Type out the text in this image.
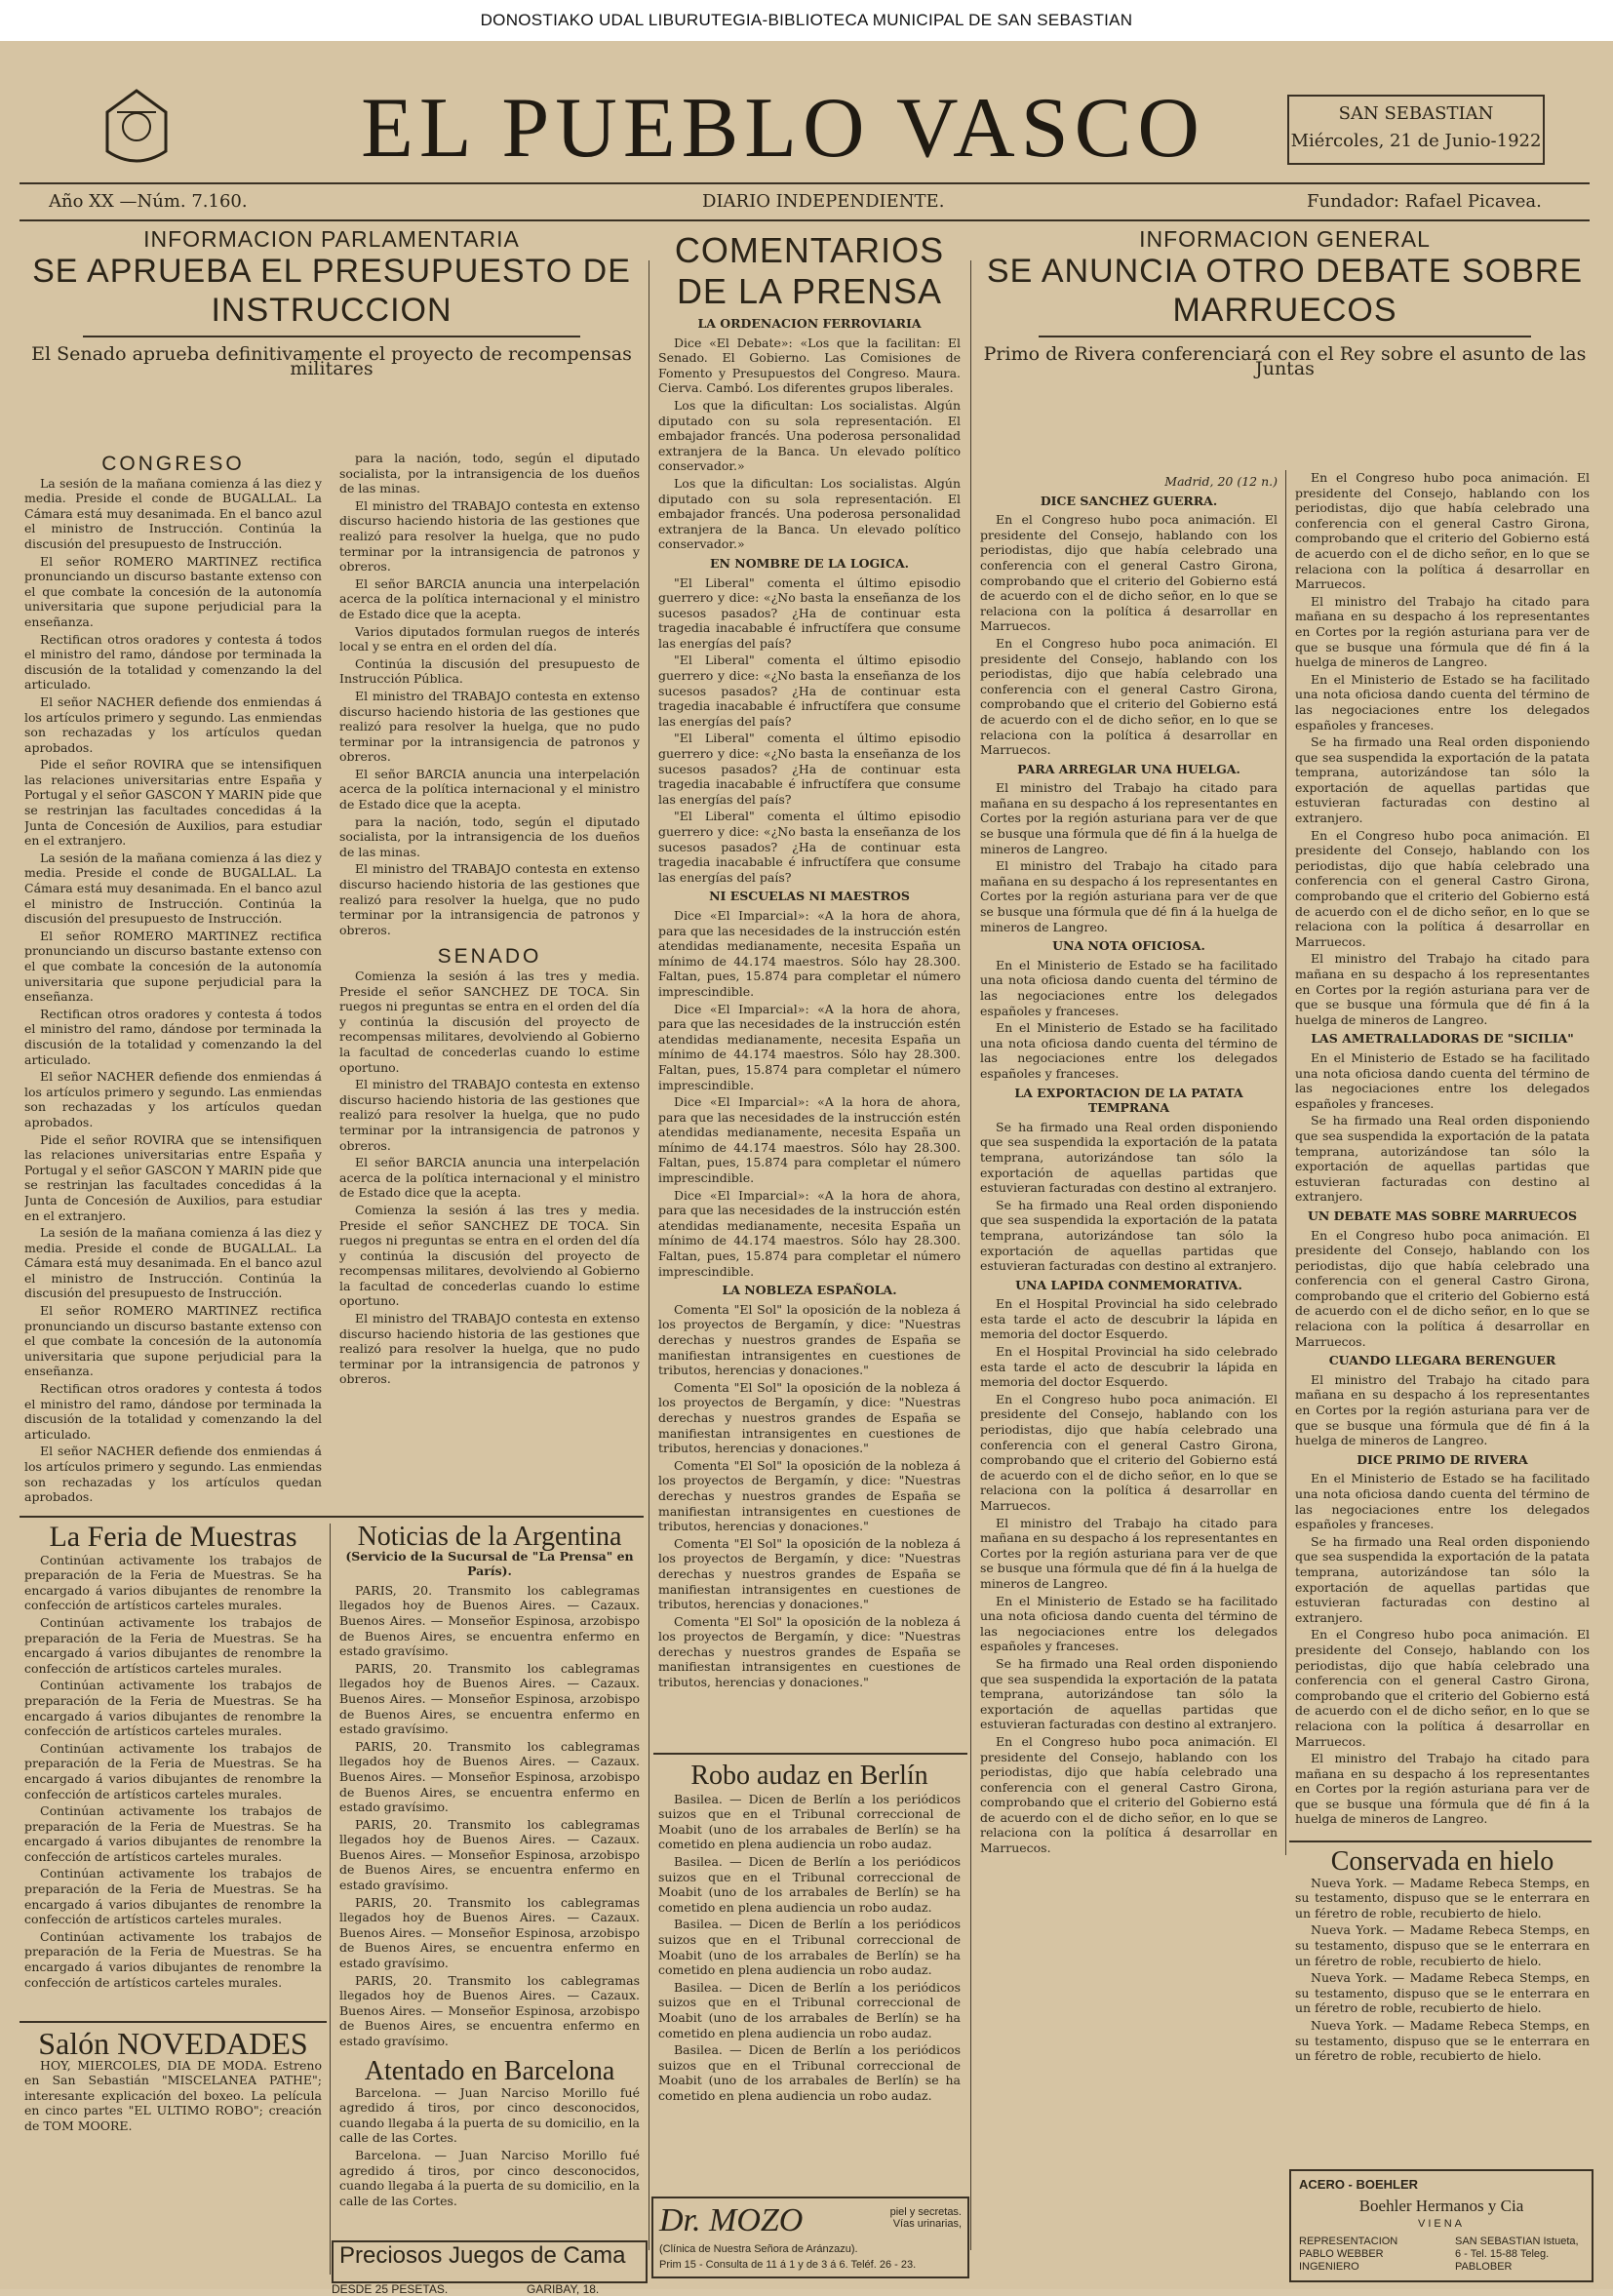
DONOSTIAKO UDAL LIBURUTEGIA-BIBLIOTECA MUNICIPAL DE SAN SEBASTIAN
EL PUEBLO VASCO	SAN SEBASTIAN
Miércoles, 21 de Junio-1922
Año XX —Núm. 7.160.	DIARIO INDEPENDIENTE.	Fundador: Rafael Picavea.
INFORMACION PARLAMENTARIA
SE APRUEBA EL PRESUPUESTO DE INSTRUCCION
El Senado aprueba definitivamente el proyecto de recompensas militares
CONGRESO

La sesión de la mañana comienza á las diez y media. Preside el conde de BUGALLAL. La Cámara está muy desanimada. En el banco azul el ministro de Instrucción. Continúa la discusión del presupuesto de Instrucción.

El señor ROMERO MARTINEZ rectifica pronunciando un discurso bastante extenso con el que combate la concesión de la autonomía universitaria que supone perjudicial para la enseñanza.

Rectifican otros oradores y contesta á todos el ministro del ramo, dándose por terminada la discusión de la totalidad y comenzando la del articulado.

El señor NACHER defiende dos enmiendas á los artículos primero y segundo. Las enmiendas son rechazadas y los artículos quedan aprobados.

Pide el señor ROVIRA que se intensifiquen las relaciones universitarias entre España y Portugal y el señor GASCON Y MARIN pide que se restrinjan las facultades concedidas á la Junta de Concesión de Auxilios, para estudiar en el extranjero.

La sesión de la mañana comienza á las diez y media. Preside el conde de BUGALLAL. La Cámara está muy desanimada. En el banco azul el ministro de Instrucción. Continúa la discusión del presupuesto de Instrucción.

El señor ROMERO MARTINEZ rectifica pronunciando un discurso bastante extenso con el que combate la concesión de la autonomía universitaria que supone perjudicial para la enseñanza.

Rectifican otros oradores y contesta á todos el ministro del ramo, dándose por terminada la discusión de la totalidad y comenzando la del articulado.

El señor NACHER defiende dos enmiendas á los artículos primero y segundo. Las enmiendas son rechazadas y los artículos quedan aprobados.

Pide el señor ROVIRA que se intensifiquen las relaciones universitarias entre España y Portugal y el señor GASCON Y MARIN pide que se restrinjan las facultades concedidas á la Junta de Concesión de Auxilios, para estudiar en el extranjero.

La sesión de la mañana comienza á las diez y media. Preside el conde de BUGALLAL. La Cámara está muy desanimada. En el banco azul el ministro de Instrucción. Continúa la discusión del presupuesto de Instrucción.

El señor ROMERO MARTINEZ rectifica pronunciando un discurso bastante extenso con el que combate la concesión de la autonomía universitaria que supone perjudicial para la enseñanza.

Rectifican otros oradores y contesta á todos el ministro del ramo, dándose por terminada la discusión de la totalidad y comenzando la del articulado.

El señor NACHER defiende dos enmiendas á los artículos primero y segundo. Las enmiendas son rechazadas y los artículos quedan aprobados.

para la nación, todo, según el diputado socialista, por la intransigencia de los dueños de las minas.

El ministro del TRABAJO contesta en extenso discurso haciendo historia de las gestiones que realizó para resolver la huelga, que no pudo terminar por la intransigencia de patronos y obreros.

El señor BARCIA anuncia una interpelación acerca de la política internacional y el ministro de Estado dice que la acepta.

Varios diputados formulan ruegos de interés local y se entra en el orden del día.

Continúa la discusión del presupuesto de Instrucción Pública.

El ministro del TRABAJO contesta en extenso discurso haciendo historia de las gestiones que realizó para resolver la huelga, que no pudo terminar por la intransigencia de patronos y obreros.

El señor BARCIA anuncia una interpelación acerca de la política internacional y el ministro de Estado dice que la acepta.

para la nación, todo, según el diputado socialista, por la intransigencia de los dueños de las minas.

El ministro del TRABAJO contesta en extenso discurso haciendo historia de las gestiones que realizó para resolver la huelga, que no pudo terminar por la intransigencia de patronos y obreros.

SENADO

Comienza la sesión á las tres y media. Preside el señor SANCHEZ DE TOCA. Sin ruegos ni preguntas se entra en el orden del día y continúa la discusión del proyecto de recompensas militares, devolviendo al Gobierno la facultad de concederlas cuando lo estime oportuno.

El ministro del TRABAJO contesta en extenso discurso haciendo historia de las gestiones que realizó para resolver la huelga, que no pudo terminar por la intransigencia de patronos y obreros.

El señor BARCIA anuncia una interpelación acerca de la política internacional y el ministro de Estado dice que la acepta.

Comienza la sesión á las tres y media. Preside el señor SANCHEZ DE TOCA. Sin ruegos ni preguntas se entra en el orden del día y continúa la discusión del proyecto de recompensas militares, devolviendo al Gobierno la facultad de concederlas cuando lo estime oportuno.

El ministro del TRABAJO contesta en extenso discurso haciendo historia de las gestiones que realizó para resolver la huelga, que no pudo terminar por la intransigencia de patronos y obreros.

La Feria de Muestras

Continúan activamente los trabajos de preparación de la Feria de Muestras. Se ha encargado á varios dibujantes de renombre la confección de artísticos carteles murales.

Continúan activamente los trabajos de preparación de la Feria de Muestras. Se ha encargado á varios dibujantes de renombre la confección de artísticos carteles murales.

Continúan activamente los trabajos de preparación de la Feria de Muestras. Se ha encargado á varios dibujantes de renombre la confección de artísticos carteles murales.

Continúan activamente los trabajos de preparación de la Feria de Muestras. Se ha encargado á varios dibujantes de renombre la confección de artísticos carteles murales.

Continúan activamente los trabajos de preparación de la Feria de Muestras. Se ha encargado á varios dibujantes de renombre la confección de artísticos carteles murales.

Continúan activamente los trabajos de preparación de la Feria de Muestras. Se ha encargado á varios dibujantes de renombre la confección de artísticos carteles murales.

Continúan activamente los trabajos de preparación de la Feria de Muestras. Se ha encargado á varios dibujantes de renombre la confección de artísticos carteles murales.

Salón NOVEDADES

HOY, MIERCOLES, DIA DE MODA. Estreno en San Sebastián "MISCELANEA PATHE"; interesante explicación del boxeo. La película en cinco partes "EL ULTIMO ROBO"; creación de TOM MOORE.

Noticias de la Argentina
(Servicio de la Sucursal de "La Prensa" en París).

PARIS, 20. Transmito los cablegramas llegados hoy de Buenos Aires. — Cazaux. Buenos Aires. — Monseñor Espinosa, arzobispo de Buenos Aires, se encuentra enfermo en estado gravísimo.

PARIS, 20. Transmito los cablegramas llegados hoy de Buenos Aires. — Cazaux. Buenos Aires. — Monseñor Espinosa, arzobispo de Buenos Aires, se encuentra enfermo en estado gravísimo.

PARIS, 20. Transmito los cablegramas llegados hoy de Buenos Aires. — Cazaux. Buenos Aires. — Monseñor Espinosa, arzobispo de Buenos Aires, se encuentra enfermo en estado gravísimo.

PARIS, 20. Transmito los cablegramas llegados hoy de Buenos Aires. — Cazaux. Buenos Aires. — Monseñor Espinosa, arzobispo de Buenos Aires, se encuentra enfermo en estado gravísimo.

PARIS, 20. Transmito los cablegramas llegados hoy de Buenos Aires. — Cazaux. Buenos Aires. — Monseñor Espinosa, arzobispo de Buenos Aires, se encuentra enfermo en estado gravísimo.

PARIS, 20. Transmito los cablegramas llegados hoy de Buenos Aires. — Cazaux. Buenos Aires. — Monseñor Espinosa, arzobispo de Buenos Aires, se encuentra enfermo en estado gravísimo.

Atentado en Barcelona

Barcelona. — Juan Narciso Morillo fué agredido á tiros, por cinco desconocidos, cuando llegaba á la puerta de su domicilio, en la calle de las Cortes.

Barcelona. — Juan Narciso Morillo fué agredido á tiros, por cinco desconocidos, cuando llegaba á la puerta de su domicilio, en la calle de las Cortes.

Preciosos Juegos de Cama
DESDE 25 PESETAS.	GARIBAY, 18.
COMENTARIOS DE LA PRENSA
LA ORDENACION FERROVIARIA

Dice «El Debate»: «Los que la facilitan: El Senado. El Gobierno. Las Comisiones de Fomento y Presupuestos del Congreso. Maura. Cierva. Cambó. Los diferentes grupos liberales.

Los que la dificultan: Los socialistas. Algún diputado con su sola representación. El embajador francés. Una poderosa personalidad extranjera de la Banca. Un elevado político conservador.»

Los que la dificultan: Los socialistas. Algún diputado con su sola representación. El embajador francés. Una poderosa personalidad extranjera de la Banca. Un elevado político conservador.»

EN NOMBRE DE LA LOGICA.

"El Liberal" comenta el último episodio guerrero y dice: «¿No basta la enseñanza de los sucesos pasados? ¿Ha de continuar esta tragedia inacabable é infructífera que consume las energías del país?

"El Liberal" comenta el último episodio guerrero y dice: «¿No basta la enseñanza de los sucesos pasados? ¿Ha de continuar esta tragedia inacabable é infructífera que consume las energías del país?

"El Liberal" comenta el último episodio guerrero y dice: «¿No basta la enseñanza de los sucesos pasados? ¿Ha de continuar esta tragedia inacabable é infructífera que consume las energías del país?

"El Liberal" comenta el último episodio guerrero y dice: «¿No basta la enseñanza de los sucesos pasados? ¿Ha de continuar esta tragedia inacabable é infructífera que consume las energías del país?

NI ESCUELAS NI MAESTROS

Dice «El Imparcial»: «A la hora de ahora, para que las necesidades de la instrucción estén atendidas medianamente, necesita España un mínimo de 44.174 maestros. Sólo hay 28.300. Faltan, pues, 15.874 para completar el número imprescindible.

Dice «El Imparcial»: «A la hora de ahora, para que las necesidades de la instrucción estén atendidas medianamente, necesita España un mínimo de 44.174 maestros. Sólo hay 28.300. Faltan, pues, 15.874 para completar el número imprescindible.

Dice «El Imparcial»: «A la hora de ahora, para que las necesidades de la instrucción estén atendidas medianamente, necesita España un mínimo de 44.174 maestros. Sólo hay 28.300. Faltan, pues, 15.874 para completar el número imprescindible.

Dice «El Imparcial»: «A la hora de ahora, para que las necesidades de la instrucción estén atendidas medianamente, necesita España un mínimo de 44.174 maestros. Sólo hay 28.300. Faltan, pues, 15.874 para completar el número imprescindible.

LA NOBLEZA ESPAÑOLA.

Comenta "El Sol" la oposición de la nobleza á los proyectos de Bergamín, y dice: "Nuestras derechas y nuestros grandes de España se manifiestan intransigentes en cuestiones de tributos, herencias y donaciones."

Comenta "El Sol" la oposición de la nobleza á los proyectos de Bergamín, y dice: "Nuestras derechas y nuestros grandes de España se manifiestan intransigentes en cuestiones de tributos, herencias y donaciones."

Comenta "El Sol" la oposición de la nobleza á los proyectos de Bergamín, y dice: "Nuestras derechas y nuestros grandes de España se manifiestan intransigentes en cuestiones de tributos, herencias y donaciones."

Comenta "El Sol" la oposición de la nobleza á los proyectos de Bergamín, y dice: "Nuestras derechas y nuestros grandes de España se manifiestan intransigentes en cuestiones de tributos, herencias y donaciones."

Comenta "El Sol" la oposición de la nobleza á los proyectos de Bergamín, y dice: "Nuestras derechas y nuestros grandes de España se manifiestan intransigentes en cuestiones de tributos, herencias y donaciones."

Robo audaz en Berlín

Basilea. — Dicen de Berlín a los periódicos suizos que en el Tribunal correccional de Moabit (uno de los arrabales de Berlín) se ha cometido en plena audiencia un robo audaz.

Basilea. — Dicen de Berlín a los periódicos suizos que en el Tribunal correccional de Moabit (uno de los arrabales de Berlín) se ha cometido en plena audiencia un robo audaz.

Basilea. — Dicen de Berlín a los periódicos suizos que en el Tribunal correccional de Moabit (uno de los arrabales de Berlín) se ha cometido en plena audiencia un robo audaz.

Basilea. — Dicen de Berlín a los periódicos suizos que en el Tribunal correccional de Moabit (uno de los arrabales de Berlín) se ha cometido en plena audiencia un robo audaz.

Basilea. — Dicen de Berlín a los periódicos suizos que en el Tribunal correccional de Moabit (uno de los arrabales de Berlín) se ha cometido en plena audiencia un robo audaz.

Dr. MOZO	piel y secretas. Vías urinarias,
(Clínica de Nuestra Señora de Aránzazu).
Prim 15 - Consulta de 11 á 1 y de 3 á 6. Teléf. 26 - 23.
INFORMACION GENERAL
SE ANUNCIA OTRO DEBATE SOBRE MARRUECOS
Primo de Rivera conferenciará con el Rey sobre el asunto de las Juntas
Madrid, 20 (12 n.)
DICE SANCHEZ GUERRA.

En el Congreso hubo poca animación. El presidente del Consejo, hablando con los periodistas, dijo que había celebrado una conferencia con el general Castro Girona, comprobando que el criterio del Gobierno está de acuerdo con el de dicho señor, en lo que se relaciona con la política á desarrollar en Marruecos.

En el Congreso hubo poca animación. El presidente del Consejo, hablando con los periodistas, dijo que había celebrado una conferencia con el general Castro Girona, comprobando que el criterio del Gobierno está de acuerdo con el de dicho señor, en lo que se relaciona con la política á desarrollar en Marruecos.

PARA ARREGLAR UNA HUELGA.

El ministro del Trabajo ha citado para mañana en su despacho á los representantes en Cortes por la región asturiana para ver de que se busque una fórmula que dé fin á la huelga de mineros de Langreo.

El ministro del Trabajo ha citado para mañana en su despacho á los representantes en Cortes por la región asturiana para ver de que se busque una fórmula que dé fin á la huelga de mineros de Langreo.

UNA NOTA OFICIOSA.

En el Ministerio de Estado se ha facilitado una nota oficiosa dando cuenta del término de las negociaciones entre los delegados españoles y franceses.

En el Ministerio de Estado se ha facilitado una nota oficiosa dando cuenta del término de las negociaciones entre los delegados españoles y franceses.

LA EXPORTACION DE LA PATATA TEMPRANA

Se ha firmado una Real orden disponiendo que sea suspendida la exportación de la patata temprana, autorizándose tan sólo la exportación de aquellas partidas que estuvieran facturadas con destino al extranjero.

Se ha firmado una Real orden disponiendo que sea suspendida la exportación de la patata temprana, autorizándose tan sólo la exportación de aquellas partidas que estuvieran facturadas con destino al extranjero.

UNA LAPIDA CONMEMORATIVA.

En el Hospital Provincial ha sido celebrado esta tarde el acto de descubrir la lápida en memoria del doctor Esquerdo.

En el Hospital Provincial ha sido celebrado esta tarde el acto de descubrir la lápida en memoria del doctor Esquerdo.

En el Congreso hubo poca animación. El presidente del Consejo, hablando con los periodistas, dijo que había celebrado una conferencia con el general Castro Girona, comprobando que el criterio del Gobierno está de acuerdo con el de dicho señor, en lo que se relaciona con la política á desarrollar en Marruecos.

El ministro del Trabajo ha citado para mañana en su despacho á los representantes en Cortes por la región asturiana para ver de que se busque una fórmula que dé fin á la huelga de mineros de Langreo.

En el Ministerio de Estado se ha facilitado una nota oficiosa dando cuenta del término de las negociaciones entre los delegados españoles y franceses.

Se ha firmado una Real orden disponiendo que sea suspendida la exportación de la patata temprana, autorizándose tan sólo la exportación de aquellas partidas que estuvieran facturadas con destino al extranjero.

En el Congreso hubo poca animación. El presidente del Consejo, hablando con los periodistas, dijo que había celebrado una conferencia con el general Castro Girona, comprobando que el criterio del Gobierno está de acuerdo con el de dicho señor, en lo que se relaciona con la política á desarrollar en Marruecos.

En el Congreso hubo poca animación. El presidente del Consejo, hablando con los periodistas, dijo que había celebrado una conferencia con el general Castro Girona, comprobando que el criterio del Gobierno está de acuerdo con el de dicho señor, en lo que se relaciona con la política á desarrollar en Marruecos.

El ministro del Trabajo ha citado para mañana en su despacho á los representantes en Cortes por la región asturiana para ver de que se busque una fórmula que dé fin á la huelga de mineros de Langreo.

En el Ministerio de Estado se ha facilitado una nota oficiosa dando cuenta del término de las negociaciones entre los delegados españoles y franceses.

Se ha firmado una Real orden disponiendo que sea suspendida la exportación de la patata temprana, autorizándose tan sólo la exportación de aquellas partidas que estuvieran facturadas con destino al extranjero.

En el Congreso hubo poca animación. El presidente del Consejo, hablando con los periodistas, dijo que había celebrado una conferencia con el general Castro Girona, comprobando que el criterio del Gobierno está de acuerdo con el de dicho señor, en lo que se relaciona con la política á desarrollar en Marruecos.

El ministro del Trabajo ha citado para mañana en su despacho á los representantes en Cortes por la región asturiana para ver de que se busque una fórmula que dé fin á la huelga de mineros de Langreo.

LAS AMETRALLADORAS DE "SICILIA"

En el Ministerio de Estado se ha facilitado una nota oficiosa dando cuenta del término de las negociaciones entre los delegados españoles y franceses.

Se ha firmado una Real orden disponiendo que sea suspendida la exportación de la patata temprana, autorizándose tan sólo la exportación de aquellas partidas que estuvieran facturadas con destino al extranjero.

UN DEBATE MAS SOBRE MARRUECOS

En el Congreso hubo poca animación. El presidente del Consejo, hablando con los periodistas, dijo que había celebrado una conferencia con el general Castro Girona, comprobando que el criterio del Gobierno está de acuerdo con el de dicho señor, en lo que se relaciona con la política á desarrollar en Marruecos.

CUANDO LLEGARA BERENGUER

El ministro del Trabajo ha citado para mañana en su despacho á los representantes en Cortes por la región asturiana para ver de que se busque una fórmula que dé fin á la huelga de mineros de Langreo.

DICE PRIMO DE RIVERA

En el Ministerio de Estado se ha facilitado una nota oficiosa dando cuenta del término de las negociaciones entre los delegados españoles y franceses.

Se ha firmado una Real orden disponiendo que sea suspendida la exportación de la patata temprana, autorizándose tan sólo la exportación de aquellas partidas que estuvieran facturadas con destino al extranjero.

En el Congreso hubo poca animación. El presidente del Consejo, hablando con los periodistas, dijo que había celebrado una conferencia con el general Castro Girona, comprobando que el criterio del Gobierno está de acuerdo con el de dicho señor, en lo que se relaciona con la política á desarrollar en Marruecos.

El ministro del Trabajo ha citado para mañana en su despacho á los representantes en Cortes por la región asturiana para ver de que se busque una fórmula que dé fin á la huelga de mineros de Langreo.

Conservada en hielo

Nueva York. — Madame Rebeca Stemps, en su testamento, dispuso que se le enterrara en un féretro de roble, recubierto de hielo.

Nueva York. — Madame Rebeca Stemps, en su testamento, dispuso que se le enterrara en un féretro de roble, recubierto de hielo.

Nueva York. — Madame Rebeca Stemps, en su testamento, dispuso que se le enterrara en un féretro de roble, recubierto de hielo.

Nueva York. — Madame Rebeca Stemps, en su testamento, dispuso que se le enterrara en un féretro de roble, recubierto de hielo.

ACERO - BOEHLER
Boehler Hermanos y Cia
VIENA
REPRESENTACION PABLO WEBBER INGENIERO
SAN SEBASTIAN Istueta, 6 - Tel. 15-88 Teleg. PABLOBER
